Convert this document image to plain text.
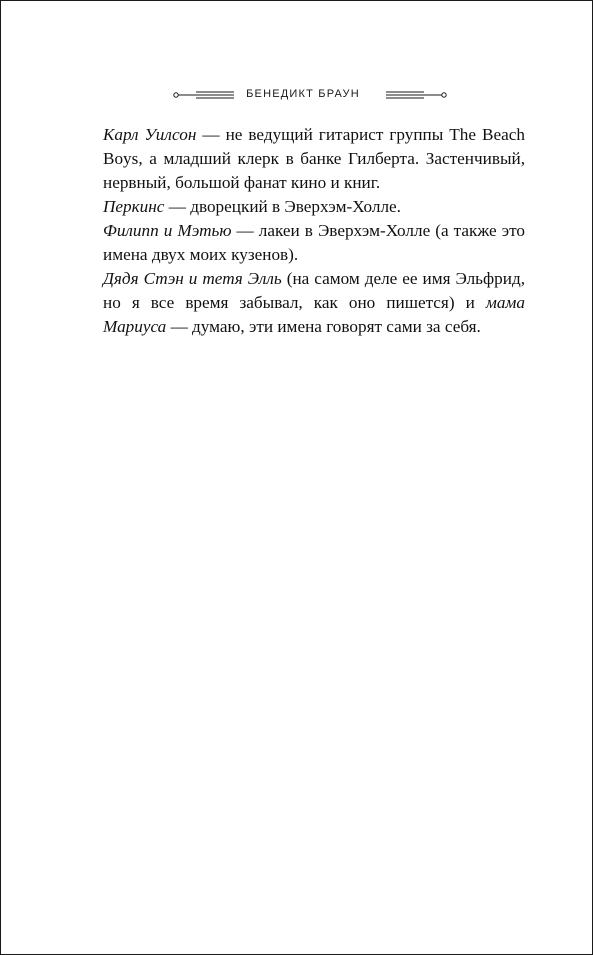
БЕНЕДИКТ БРАУН

Карл Уилсон — не ведущий гитарист группы The Beach Boys, а младший клерк в банке Гилберта. Застенчивый, нервный, большой фанат кино и книг.

Перкинс — дворецкий в Эверхэм-Холле.

Филипп и Мэтью — лакеи в Эверхэм-Холле (а также это имена двух моих кузенов).

Дядя Стэн и тетя Элль (на самом деле ее имя Эльфрид, но я все время забывал, как оно пишется) и мама Мариуса — думаю, эти имена говорят сами за себя.
